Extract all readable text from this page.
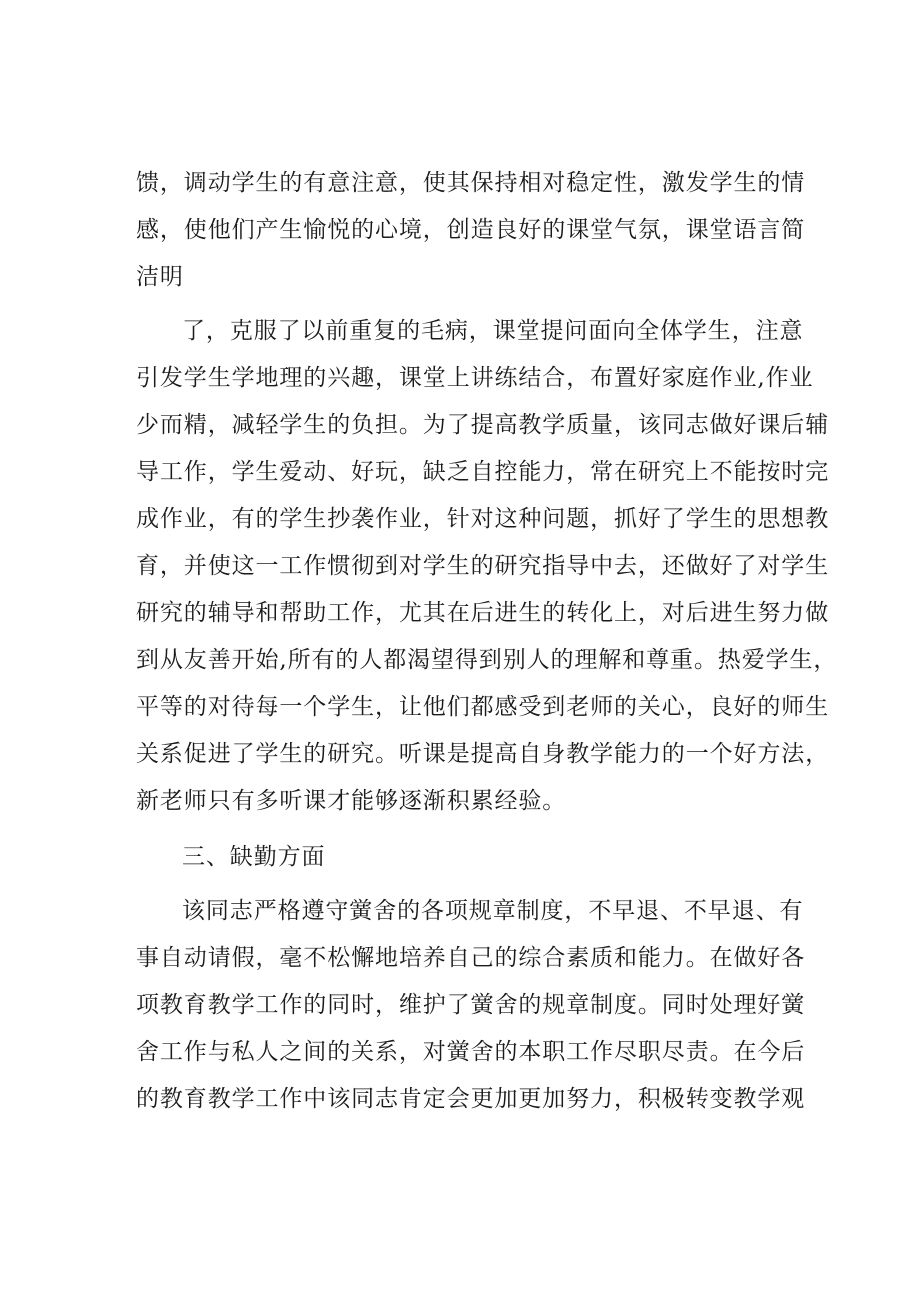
馈，调动学生的有意注意，使其保持相对稳定性，激发学生的情
感，使他们产生愉悦的心境，创造良好的课堂气氛，课堂语言简
洁明
了，克服了以前重复的毛病，课堂提问面向全体学生，注意
引发学生学地理的兴趣，课堂上讲练结合，布置好家庭作业,作业
少而精，减轻学生的负担。为了提高教学质量，该同志做好课后辅
导工作，学生爱动、好玩，缺乏自控能力，常在研究上不能按时完
成作业，有的学生抄袭作业，针对这种问题，抓好了学生的思想教
育，并使这一工作惯彻到对学生的研究指导中去，还做好了对学生
研究的辅导和帮助工作，尤其在后进生的转化上，对后进生努力做
到从友善开始,所有的人都渴望得到别人的理解和尊重。热爱学生，
平等的对待每一个学生，让他们都感受到老师的关心，良好的师生
关系促进了学生的研究。听课是提高自身教学能力的一个好方法，
新老师只有多听课才能够逐渐积累经验。
三、缺勤方面
该同志严格遵守黉舍的各项规章制度，不早退、不早退、有
事自动请假，毫不松懈地培养自己的综合素质和能力。在做好各
项教育教学工作的同时，维护了黉舍的规章制度。同时处理好黉
舍工作与私人之间的关系，对黉舍的本职工作尽职尽责。在今后
的教育教学工作中该同志肯定会更加更加努力，积极转变教学观
